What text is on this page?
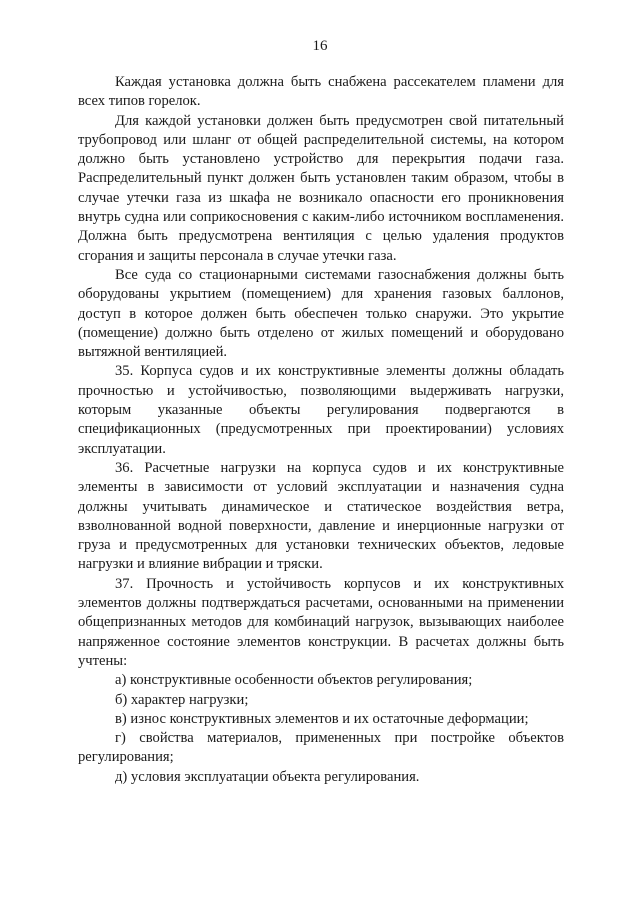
16

Каждая установка должна быть снабжена рассекателем пламени для всех типов горелок.

Для каждой установки должен быть предусмотрен свой питательный трубопровод или шланг от общей распределительной системы, на котором должно быть установлено устройство для перекрытия подачи газа. Распределительный пункт должен быть установлен таким образом, чтобы в случае утечки газа из шкафа не возникало опасности его проникновения внутрь судна или соприкосновения с каким-либо источником воспламенения. Должна быть предусмотрена вентиляция с целью удаления продуктов сгорания и защиты персонала в случае утечки газа.

Все суда со стационарными системами газоснабжения должны быть оборудованы укрытием (помещением) для хранения газовых баллонов, доступ в которое должен быть обеспечен только снаружи. Это укрытие (помещение) должно быть отделено от жилых помещений и оборудовано вытяжной вентиляцией.

35. Корпуса судов и их конструктивные элементы должны обладать прочностью и устойчивостью, позволяющими выдерживать нагрузки, которым указанные объекты регулирования подвергаются в спецификационных (предусмотренных при проектировании) условиях эксплуатации.

36. Расчетные нагрузки на корпуса судов и их конструктивные элементы в зависимости от условий эксплуатации и назначения судна должны учитывать динамическое и статическое воздействия ветра, взволнованной водной поверхности, давление и инерционные нагрузки от груза и предусмотренных для установки технических объектов, ледовые нагрузки и влияние вибрации и тряски.

37. Прочность и устойчивость корпусов и их конструктивных элементов должны подтверждаться расчетами, основанными на применении общепризнанных методов для комбинаций нагрузок, вызывающих наиболее напряженное состояние элементов конструкции. В расчетах должны быть учтены:

а) конструктивные особенности объектов регулирования;

б) характер нагрузки;

в) износ конструктивных элементов и их остаточные деформации;

г) свойства материалов, примененных при постройке объектов регулирования;

д) условия эксплуатации объекта регулирования.
